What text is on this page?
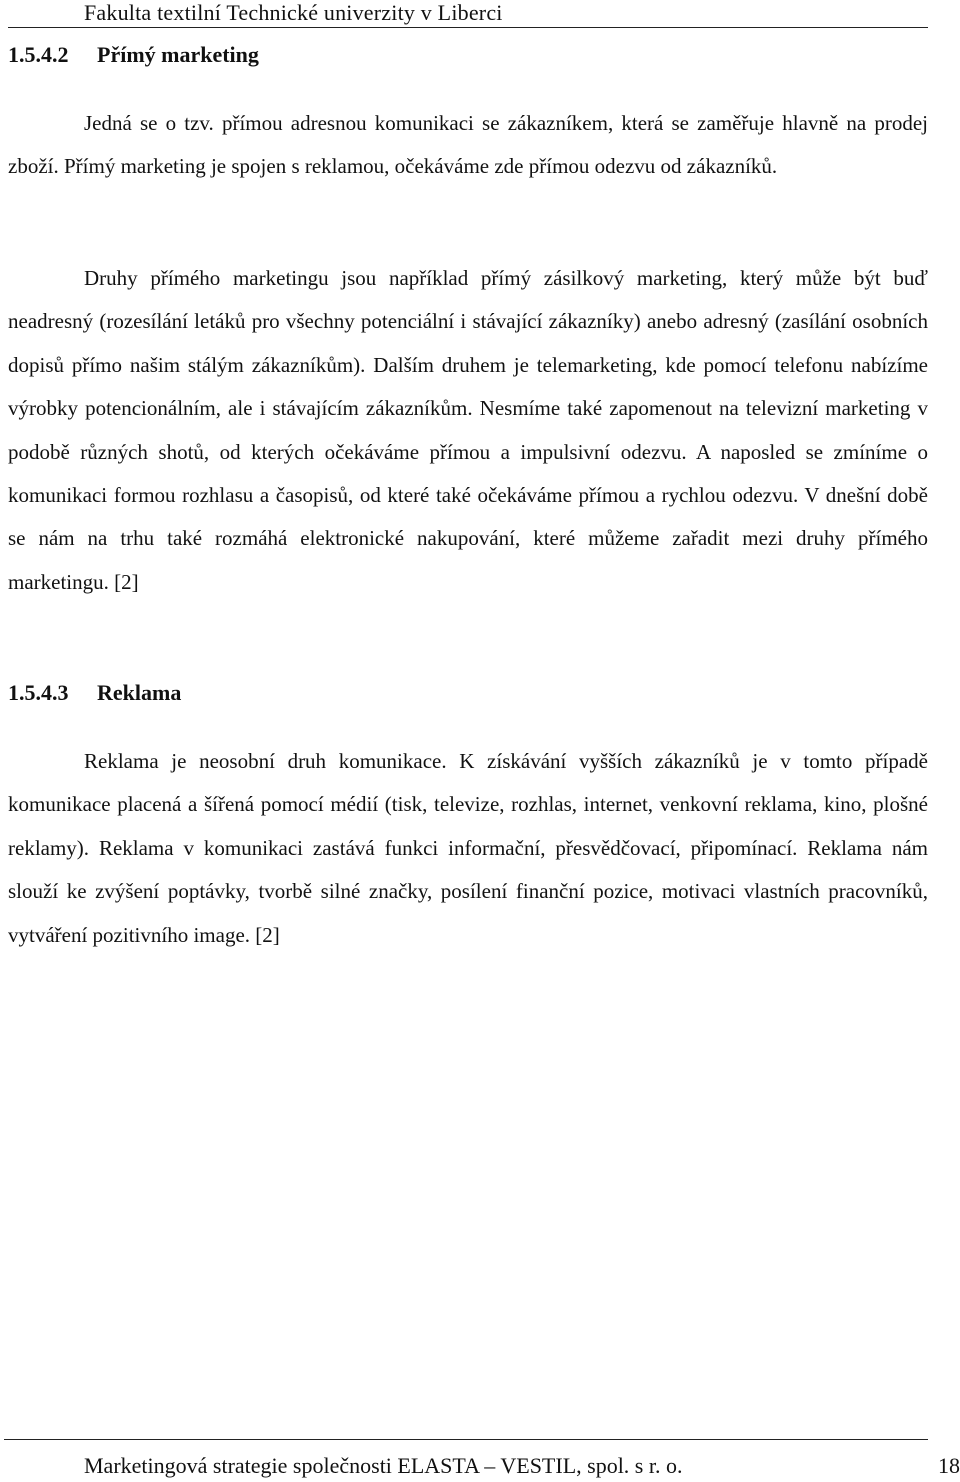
Fakulta textilní Technické univerzity v Liberci
1.5.4.2 Přímý marketing

Jedná se o tzv. přímou adresnou komunikaci se zákazníkem, která se zaměřuje hlavně na prodej zboží. Přímý marketing je spojen s reklamou, očekáváme zde přímou odezvu od zákazníků.

Druhy přímého marketingu jsou například přímý zásilkový marketing, který může být buď neadresný (rozesílání letáků pro všechny potenciální i stávající zákazníky) anebo adresný (zasílání osobních dopisů přímo našim stálým zákazníkům). Dalším druhem je telemarketing, kde pomocí telefonu nabízíme výrobky potencionálním, ale i stávajícím zákazníkům. Nesmíme také zapomenout na televizní marketing v podobě různých shotů, od kterých očekáváme přímou a impulsivní odezvu. A naposled se zmíníme o komunikaci formou rozhlasu a časopisů, od které také očekáváme přímou a rychlou odezvu. V dnešní době se nám na trhu také rozmáhá elektronické nakupování, které můžeme zařadit mezi druhy přímého marketingu. [2]

1.5.4.3 Reklama

Reklama je neosobní druh komunikace. K získávání vyšších zákazníků je v tomto případě komunikace placená a šířená pomocí médií (tisk, televize, rozhlas, internet, venkovní reklama, kino, plošné reklamy). Reklama v komunikaci zastává funkci informační, přesvědčovací, připomínací. Reklama nám slouží ke zvýšení poptávky, tvorbě silné značky, posílení finanční pozice, motivaci vlastních pracovníků, vytváření pozitivního image. [2]

Marketingová strategie společnosti ELASTA – VESTIL, spol. s r. o.	18
